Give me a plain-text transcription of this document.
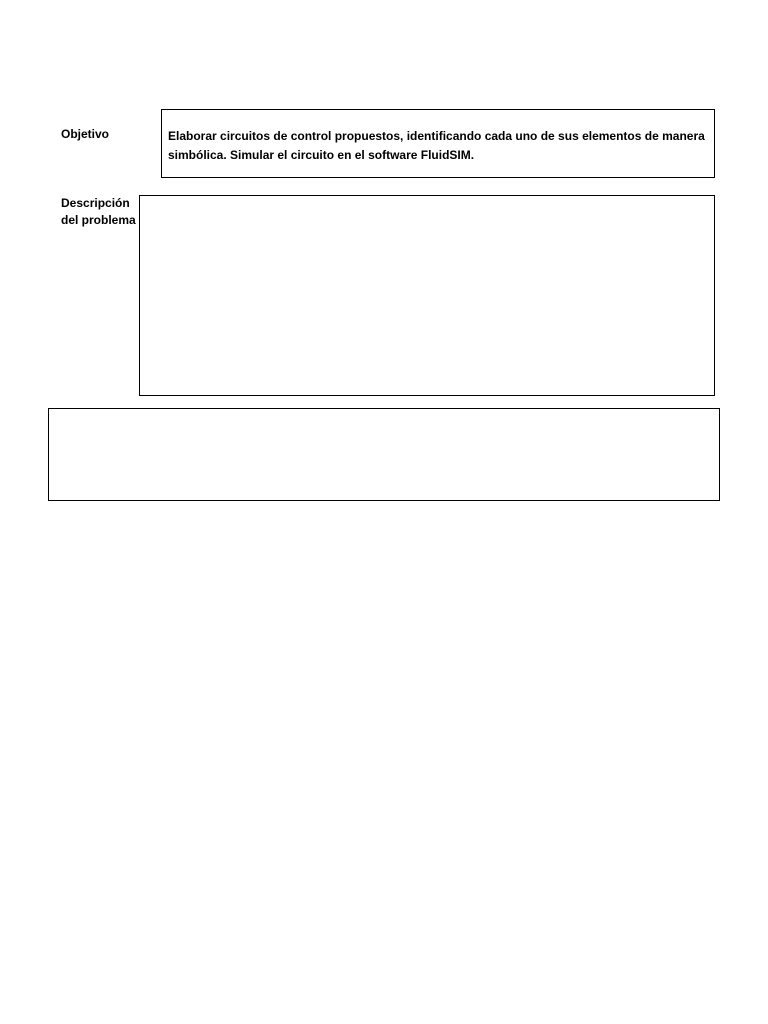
Objetivo	Elaborar circuitos de control propuestos, identificando cada uno de sus elementos de manera simbólica. Simular el circuito en el software FluidSIM.
Descripción
del problema
